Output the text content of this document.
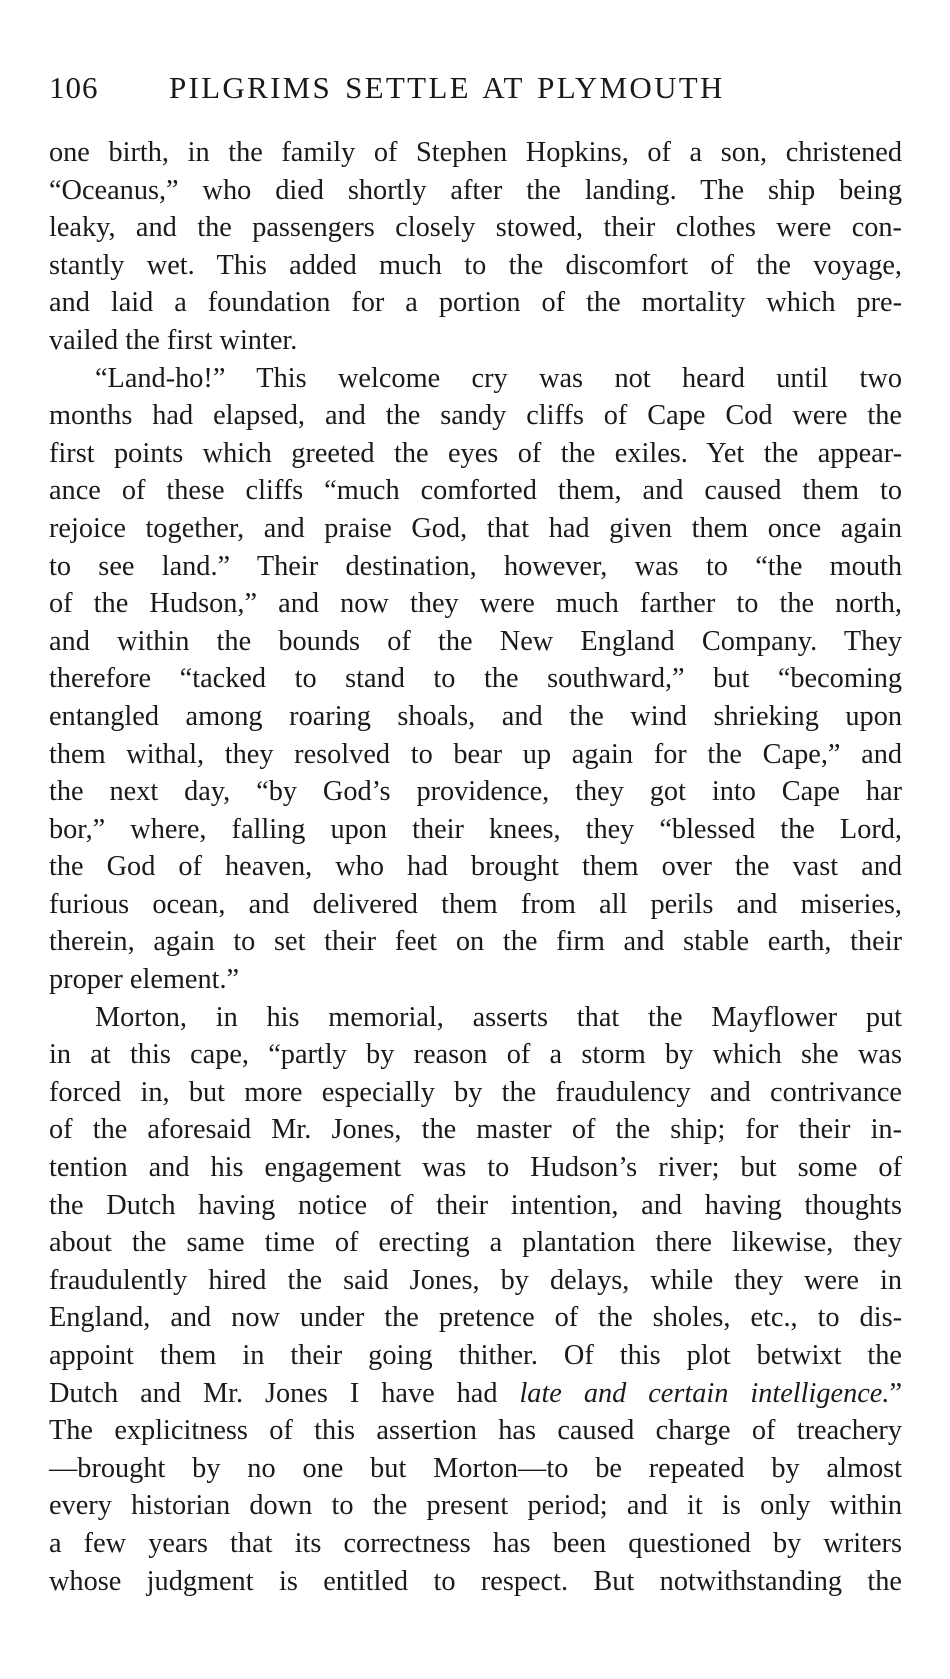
106	PILGRIMS SETTLE AT PLYMOUTH
one birth, in the family of Stephen Hopkins, of a son, christened
“Oceanus,” who died shortly after the landing. The ship being
leaky, and the passengers closely stowed, their clothes were con-
stantly wet. This added much to the discomfort of the voyage,
and laid a foundation for a portion of the mortality which pre-
vailed the first winter.
“Land-ho!” This welcome cry was not heard until two
months had elapsed, and the sandy cliffs of Cape Cod were the
first points which greeted the eyes of the exiles. Yet the appear-
ance of these cliffs “much comforted them, and caused them to
rejoice together, and praise God, that had given them once again
to see land.” Their destination, however, was to “the mouth
of the Hudson,” and now they were much farther to the north,
and within the bounds of the New England Company. They
therefore “tacked to stand to the southward,” but “becoming
entangled among roaring shoals, and the wind shrieking upon
them withal, they resolved to bear up again for the Cape,” and
the next day, “by God’s providence, they got into Cape har
bor,” where, falling upon their knees, they “blessed the Lord,
the God of heaven, who had brought them over the vast and
furious ocean, and delivered them from all perils and miseries,
therein, again to set their feet on the firm and stable earth, their
proper element.”
Morton, in his memorial, asserts that the Mayflower put
in at this cape, “partly by reason of a storm by which she was
forced in, but more especially by the fraudulency and contrivance
of the aforesaid Mr. Jones, the master of the ship; for their in-
tention and his engagement was to Hudson’s river; but some of
the Dutch having notice of their intention, and having thoughts
about the same time of erecting a plantation there likewise, they
fraudulently hired the said Jones, by delays, while they were in
England, and now under the pretence of the sholes, etc., to dis-
appoint them in their going thither. Of this plot betwixt the
Dutch and Mr. Jones I have had late and certain intelligence.”
The explicitness of this assertion has caused charge of treachery
—brought by no one but Morton—to be repeated by almost
every historian down to the present period; and it is only within
a few years that its correctness has been questioned by writers
whose judgment is entitled to respect. But notwithstanding the
